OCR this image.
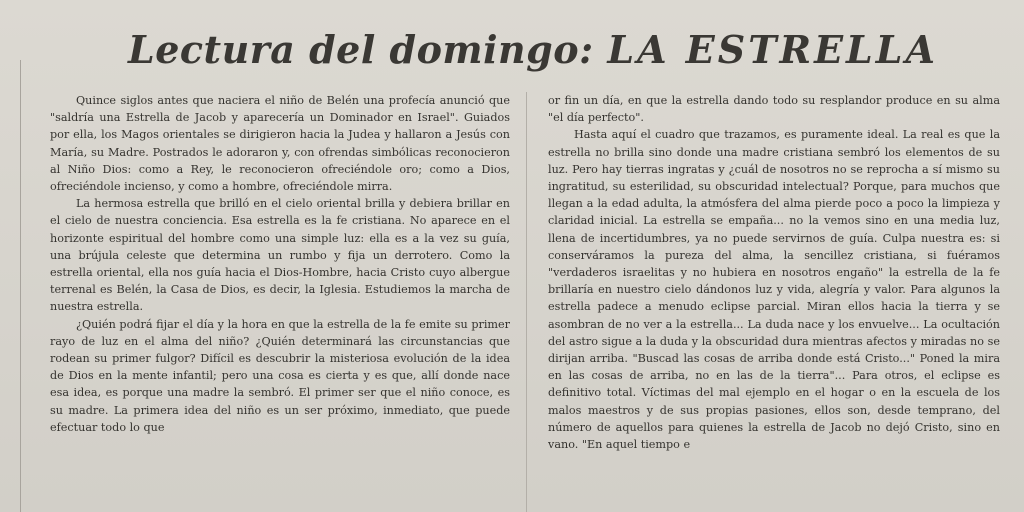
Lectura del domingo: LA ESTRELLA

Quince siglos antes que naciera el niño de Belén una profecía anunció que "saldría una Estrella de Jacob y aparecería un Dominador en Israel". Guiados por ella, los Magos orientales se dirigieron hacia la Judea y hallaron a Jesús con María, su Madre. Postrados le adoraron y, con ofrendas simbólicas reconocieron al Niño Dios: como a Rey, le reconocieron ofreciéndole oro; como a Dios, ofreciéndole incienso, y como a hombre, ofreciéndole mirra.

La hermosa estrella que brilló en el cielo oriental brilla y debiera brillar en el cielo de nuestra conciencia. Esa estrella es la fe cristiana. No aparece en el horizonte espiritual del hombre como una simple luz: ella es a la vez su guía, una brújula celeste que determina un rumbo y fija un derrotero. Como la estrella oriental, ella nos guía hacia el Dios-Hombre, hacia Cristo cuyo albergue terrenal es Belén, la Casa de Dios, es decir, la Iglesia. Estudiemos la marcha de nuestra estrella.

¿Quién podrá fijar el día y la hora en que la estrella de la fe emite su primer rayo de luz en el alma del niño? ¿Quién determinará las circunstancias que rodean su primer fulgor? Difícil es descubrir la misteriosa evolución de la idea de Dios en la mente infantil; pero una cosa es cierta y es que, allí donde nace esa idea, es porque una madre la sembró. El primer ser que el niño conoce, es su madre. La primera idea del niño es un ser próximo, inmediato, que puede efectuar todo lo que

or fin un día, en que la estrella dando todo su resplandor produce en su alma "el día perfecto".

Hasta aquí el cuadro que trazamos, es puramente ideal. La real es que la estrella no brilla sino donde una madre cristiana sembró los elementos de su luz. Pero hay tierras ingratas y ¿cuál de nosotros no se reprocha a sí mismo su ingratitud, su esterilidad, su obscuridad intelectual? Porque, para muchos que llegan a la edad adulta, la atmósfera del alma pierde poco a poco la limpieza y claridad inicial. La estrella se empaña... no la vemos sino en una media luz, llena de incertidumbres, ya no puede servirnos de guía. Culpa nuestra es: si conserváramos la pureza del alma, la sencillez cristiana, si fuéramos "verdaderos israelitas y no hubiera en nosotros engaño" la estrella de la fe brillaría en nuestro cielo dándonos luz y vida, alegría y valor. Para algunos la estrella padece a menudo eclipse parcial. Miran ellos hacia la tierra y se asombran de no ver a la estrella... La duda nace y los envuelve... La ocultación del astro sigue a la duda y la obscuridad dura mientras afectos y miradas no se dirijan arriba. "Buscad las cosas de arriba donde está Cristo..." Poned la mira en las cosas de arriba, no en las de la tierra"... Para otros, el eclipse es definitivo total. Víctimas del mal ejemplo en el hogar o en la escuela de los malos maestros y de sus propias pasiones, ellos son, desde temprano, del número de aquellos para quienes la estrella de Jacob no dejó Cristo, sino en vano. "En aquel tiempo e
